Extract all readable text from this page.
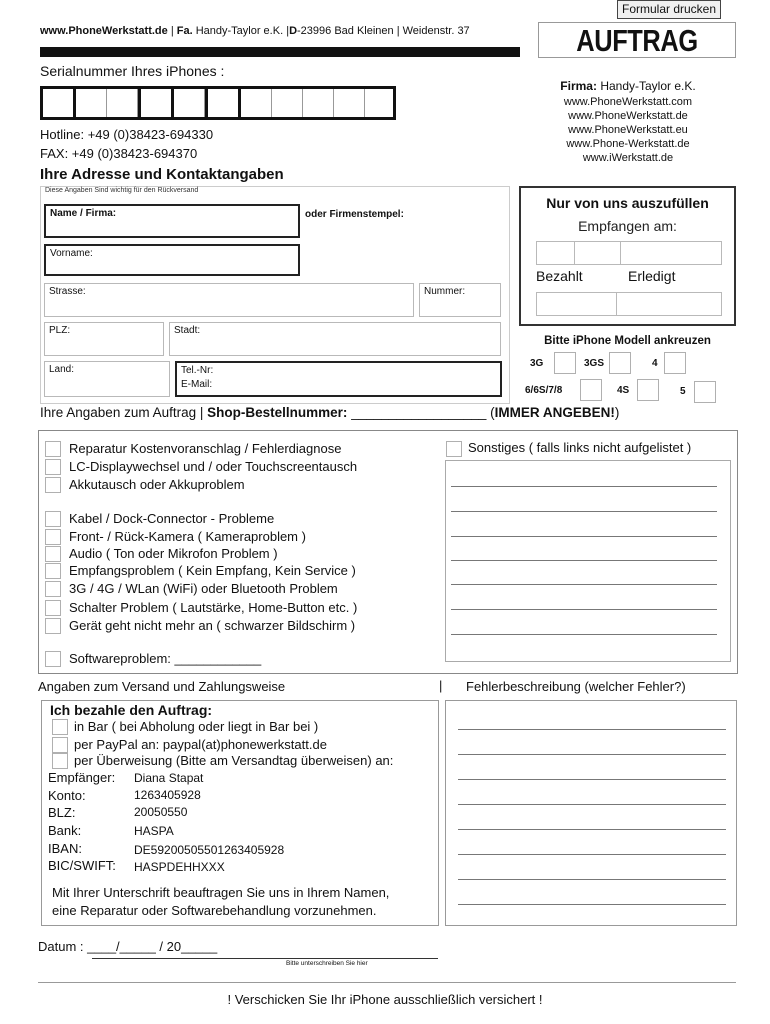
Formular drucken
www.PhoneWerkstatt.de | Fa. Handy-Taylor e.K. |D-23996 Bad Kleinen | Weidenstr. 37	AUFTRAG
Serialnummer Ihres iPhones :
Firma: Handy-Taylor e.K.
www.PhoneWerkstatt.com
www.PhoneWerkstatt.de
www.PhoneWerkstatt.eu
www.Phone-Werkstatt.de
www.iWerkstatt.de
Hotline: +49 (0)38423-694330
FAX: +49 (0)38423-694370
Ihre Adresse und Kontaktangaben
Diese Angaben Sind wichtig für den Rückversand
Name / Firma:	oder Firmenstempel:
Vorname:
Strasse:	Nummer:
PLZ:	Stadt:
Land:	Tel.-Nr:
E-Mail:
Nur von uns auszufüllen
Empfangen am:
Bezahlt	Erledigt
Bitte iPhone Modell ankreuzen
3G	3GS	4
6/6S/7/8	4S	5
Ihre Angaben zum Auftrag | Shop-Bestellnummer: __________________ (IMMER ANGEBEN!)
Reparatur Kostenvoranschlag / Fehlerdiagnose
LC-Displaywechsel und / oder Touchscreentausch
Akkutausch oder Akkuproblem
Kabel / Dock-Connector - Probleme
Front- / Rück-Kamera ( Kameraproblem )
Audio ( Ton oder Mikrofon Problem )
Empfangsproblem ( Kein Empfang, Kein Service )
3G / 4G / WLan (WiFi) oder Bluetooth Problem
Schalter Problem ( Lautstärke, Home-Button etc. )
Gerät geht nicht mehr an ( schwarzer Bildschirm )
Softwareproblem: ____________
Sonstiges ( falls links nicht aufgelistet )
Angaben zum Versand und Zahlungsweise	| Fehlerbeschreibung (welcher Fehler?)
Ich bezahle den Auftrag:
in Bar ( bei Abholung oder liegt in Bar bei )
per PayPal an: paypal(at)phonewerkstatt.de
per Überweisung (Bitte am Versandtag überweisen) an:
Empfänger: Diana Stapat
Konto:	1263405928
BLZ:	20050550
Bank:	HASPA
IBAN:	DE59200505501263405928
BIC/SWIFT: HASPDEHHXXX
Mit Ihrer Unterschrift beauftragen Sie uns in Ihrem Namen,
eine Reparatur oder Softwarebehandlung vorzunehmen.
Datum : ____/_____ / 20_____
Bitte unterschreiben Sie hier
! Verschicken Sie Ihr iPhone ausschließlich versichert !
